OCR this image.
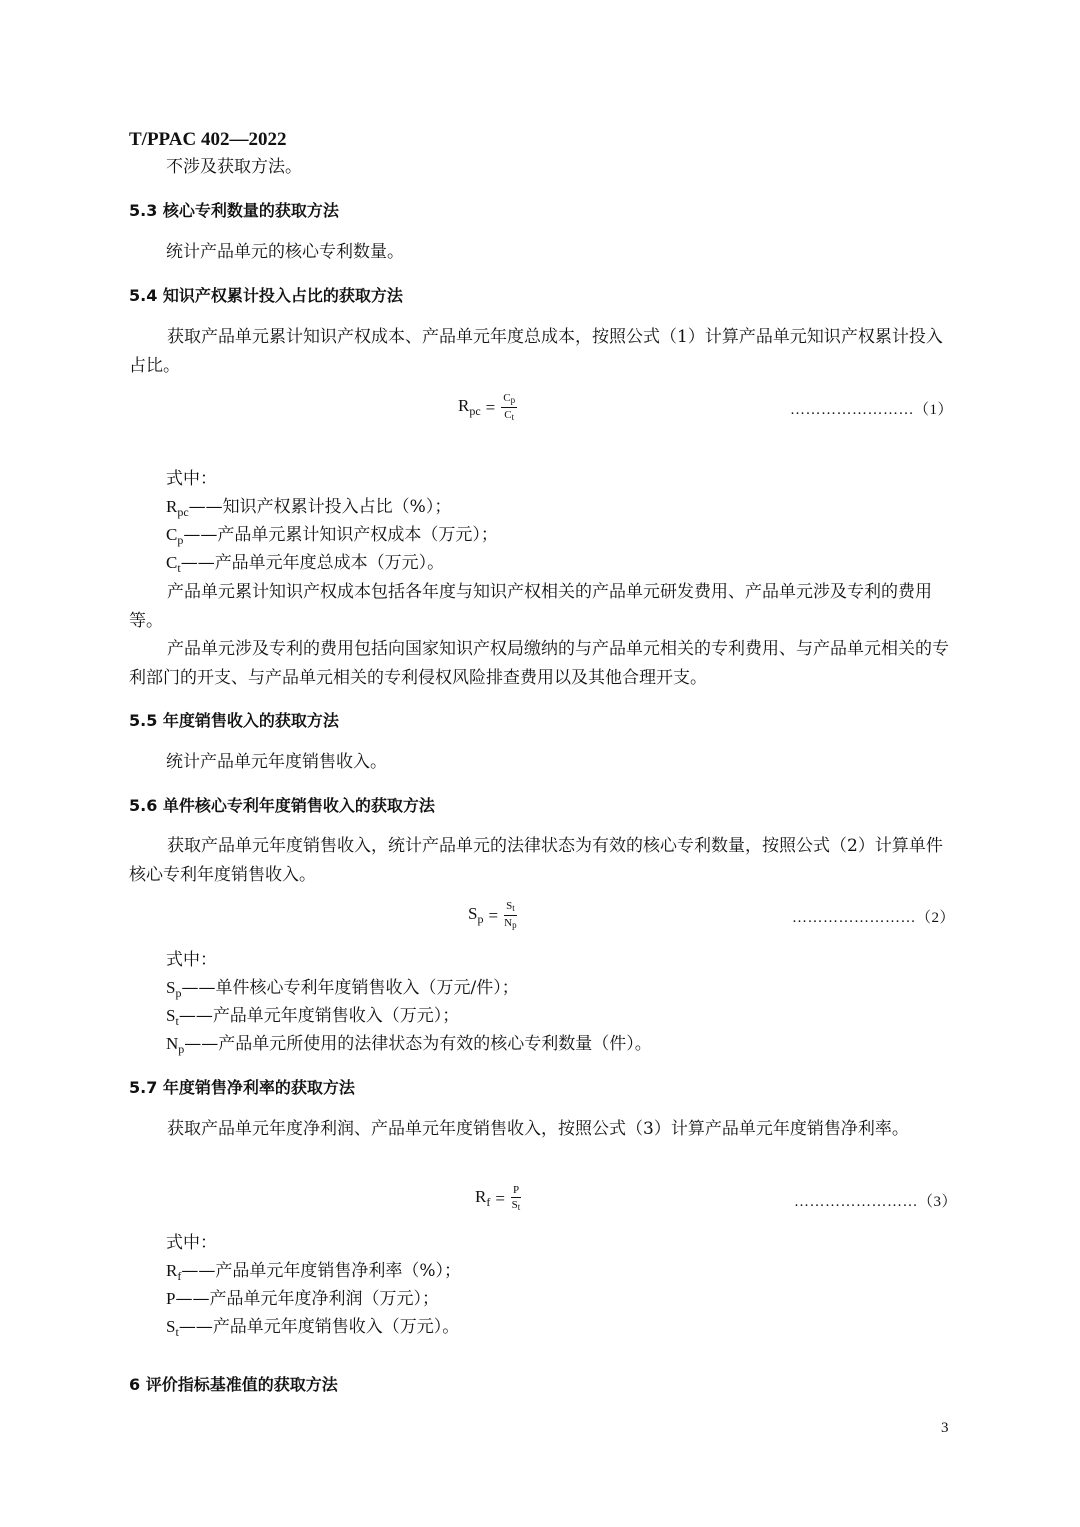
T/PPAC 402—2022
不涉及获取方法。
5.3 核心专利数量的获取方法
统计产品单元的核心专利数量。
5.4 知识产权累计投入占比的获取方法
获取产品单元累计知识产权成本、产品单元年度总成本，按照公式（1）计算产品单元知识产权累计投入占比。
$R_{pc} = \frac{C_p}{C_t}$	……………………（1）
式中：
$R_{pc}——$知识产权累计投入占比（%）；
$C_p——$产品单元累计知识产权成本（万元）；
$C_t——$产品单元年度总成本（万元）。
产品单元累计知识产权成本包括各年度与知识产权相关的产品单元研发费用、产品单元涉及专利的费用等。
产品单元涉及专利的费用包括向国家知识产权局缴纳的与产品单元相关的专利费用、与产品单元相关的专利部门的开支、与产品单元相关的专利侵权风险排查费用以及其他合理开支。
5.5 年度销售收入的获取方法
统计产品单元年度销售收入。
5.6 单件核心专利年度销售收入的获取方法
获取产品单元年度销售收入，统计产品单元的法律状态为有效的核心专利数量，按照公式（2）计算单件核心专利年度销售收入。
$S_p = \frac{S_t}{N_p}$	……………………（2）
式中：
$S_p——$单件核心专利年度销售收入（万元/件）；
$S_t——$产品单元年度销售收入（万元）；
$N_p——$产品单元所使用的法律状态为有效的核心专利数量（件）。
5.7 年度销售净利率的获取方法
获取产品单元年度净利润、产品单元年度销售收入，按照公式（3）计算产品单元年度销售净利率。
$R_f = \frac{P}{S_t}$	……………………（3）
式中：
$R_f——$产品单元年度销售净利率（%）；
P——产品单元年度净利润（万元）；
$S_t——$产品单元年度销售收入（万元）。
6 评价指标基准值的获取方法
3
